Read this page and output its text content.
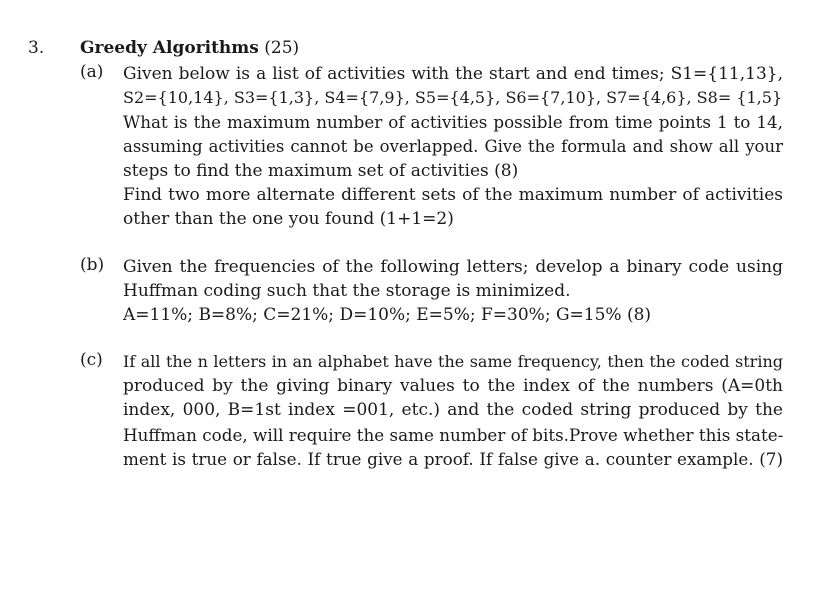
3. Greedy Algorithms (25)
(a) Given below is a list of activities with the start and end times; S1={11,13},
S2={10,14}, S3={1,3}, S4={7,9}, S5={4,5}, S6={7,10}, S7={4,6}, S8= {1,5}
What is the maximum number of activities possible from time points 1 to 14,
assuming activities cannot be overlapped. Give the formula and show all your
steps to find the maximum set of activities (8)
Find two more alternate different sets of the maximum number of activities
other than the one you found (1+1=2)
(b) Given the frequencies of the following letters; develop a binary code using
Huffman coding such that the storage is minimized.
A=11%; B=8%; C=21%; D=10%; E=5%; F=30%; G=15% (8)
(c) If all the n letters in an alphabet have the same frequency, then the coded string
produced by the giving binary values to the index of the numbers (A=0th
index, 000, B=1st index =001, etc.) and the coded string produced by the
Huffman code, will require the same number of bits.Prove whether this state-
ment is true or false. If true give a proof. If false give a. counter example. (7)
